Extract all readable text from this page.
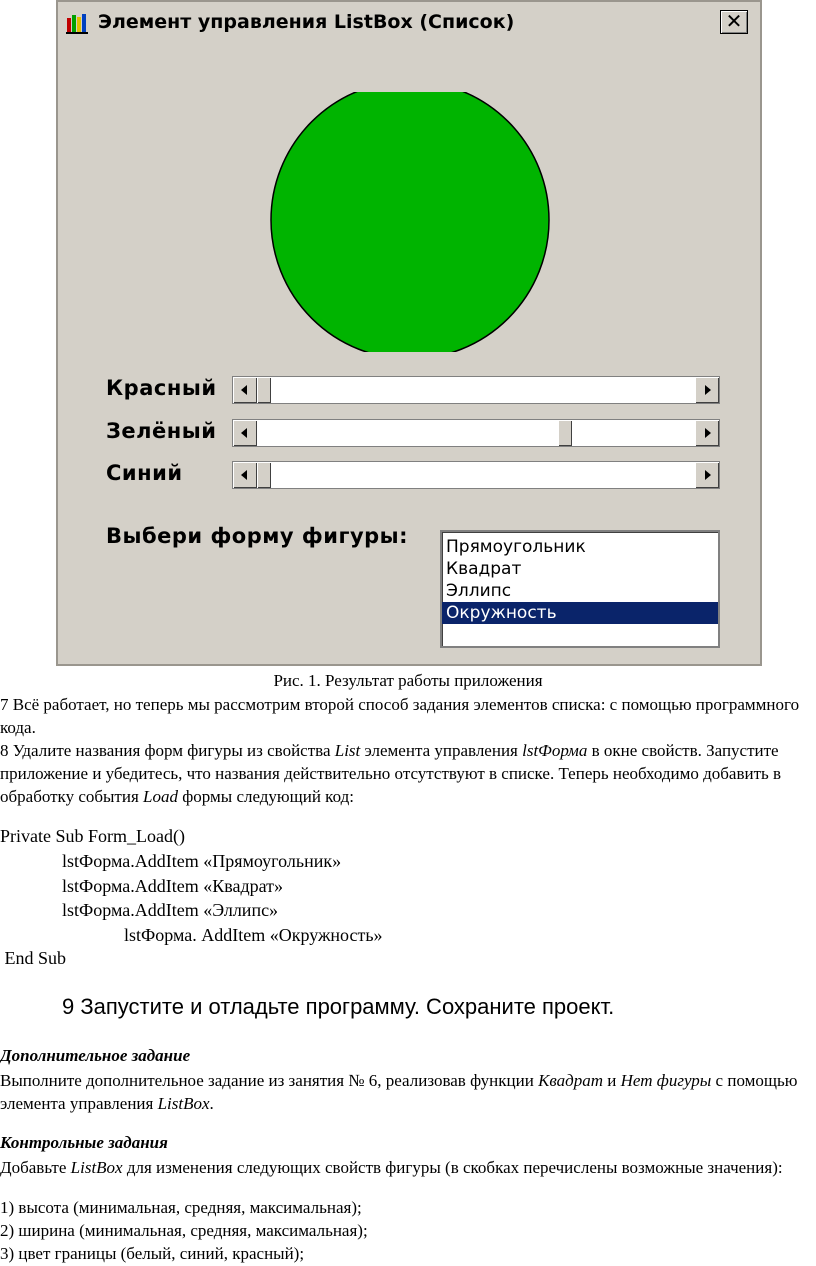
Элемент управления ListBox (Список)	✕
Красный
Зелёный
Синий
Выбери форму фигуры: Прямоугольник
Квадрат
Эллипс
Окружность
Рис. 1. Результат работы приложения
7 Всё работает, но теперь мы рассмотрим второй способ задания элементов списка: с помощью программного кода.
8 Удалите названия форм фигуры из свойства List элемента управления lstФорма в окне свойств. Запустите приложение и убедитесь, что названия действительно отсутствуют в списке. Теперь необходимо добавить в обработку события Load формы следующий код:
Private Sub Form_Load()
lstФорма.AddItem «Прямоугольник»
lstФорма.AddItem «Квадрат»
lstФорма.AddItem «Эллипс»
lstФорма. AddItem «Окружность»
End Sub
9 Запустите и отладьте программу. Сохраните проект.
Дополнительное задание
Выполните дополнительное задание из занятия № 6, реализовав функции Квадрат и Нет фигуры с помощью элемента управления ListBox.
Контрольные задания
Добавьте ListBox для изменения следующих свойств фигуры (в скобках перечислены возможные значения):
1) высота (минимальная, средняя, максимальная);
2) ширина (минимальная, средняя, максимальная);
3) цвет границы (белый, синий, красный);
